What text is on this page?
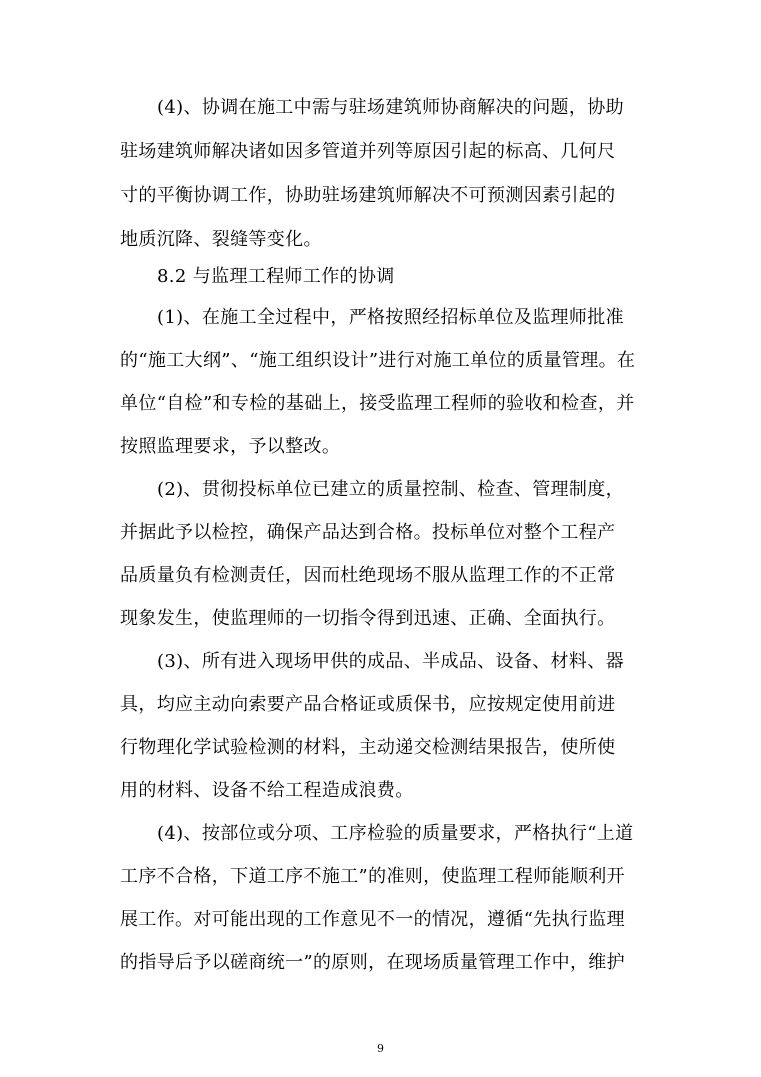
(4)、协调在施工中需与驻场建筑师协商解决的问题，协助
驻场建筑师解决诸如因多管道并列等原因引起的标高、几何尺
寸的平衡协调工作，协助驻场建筑师解决不可预测因素引起的
地质沉降、裂缝等变化。
8.2 与监理工程师工作的协调
(1)、在施工全过程中，严格按照经招标单位及监理师批准
的“施工大纲”、“施工组织设计”进行对施工单位的质量管理。在
单位“自检”和专检的基础上，接受监理工程师的验收和检查，并
按照监理要求，予以整改。
(2)、贯彻投标单位已建立的质量控制、检查、管理制度，
并据此予以检控，确保产品达到合格。投标单位对整个工程产
品质量负有检测责任，因而杜绝现场不服从监理工作的不正常
现象发生，使监理师的一切指令得到迅速、正确、全面执行。
(3)、所有进入现场甲供的成品、半成品、设备、材料、器
具，均应主动向索要产品合格证或质保书，应按规定使用前进
行物理化学试验检测的材料，主动递交检测结果报告，使所使
用的材料、设备不给工程造成浪费。
(4)、按部位或分项、工序检验的质量要求，严格执行“上道
工序不合格，下道工序不施工”的准则，使监理工程师能顺利开
展工作。对可能出现的工作意见不一的情况，遵循“先执行监理
的指导后予以磋商统一”的原则，在现场质量管理工作中，维护
9
